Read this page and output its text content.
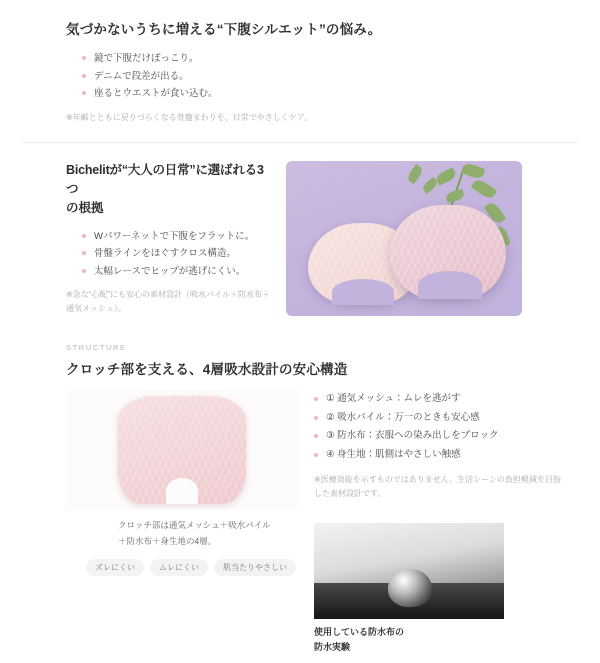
気づかないうちに増える“下腹シルエット”の悩み。
鏡で下腹だけぽっこり。
デニムで段差が出る。
座るとウエストが食い込む。

※年齢とともに戻りづらくなる骨盤まわりを、日常でやさしくケア。

Bichelitが“大人の日常”に選ばれる3つ
の根拠
Wパワーネットで下腹をフラットに。
骨盤ラインをほぐすクロス構造。
太幅レースでヒップが逃げにくい。

※急な“心配”にも安心の素材設計（吸水パイル＋防水布＋通気メッシュ）。

STRUCTURE
クロッチ部を支える、4層吸水設計の安心構造

クロッチ部は通気メッシュ＋吸水パイル＋防水布＋身生地の4層。

ズレにくい	ムレにくい	肌当たりやさしい
① 通気メッシュ：ムレを逃がす
② 吸水パイル：万一のときも安心感
③ 防水布：衣服への染み出しをブロック
④ 身生地：肌側はやさしい触感

※医療効能を示すものではありません。生活シーンの負担軽減を目指した素材設計です。

使用している防水布の
防水実験
